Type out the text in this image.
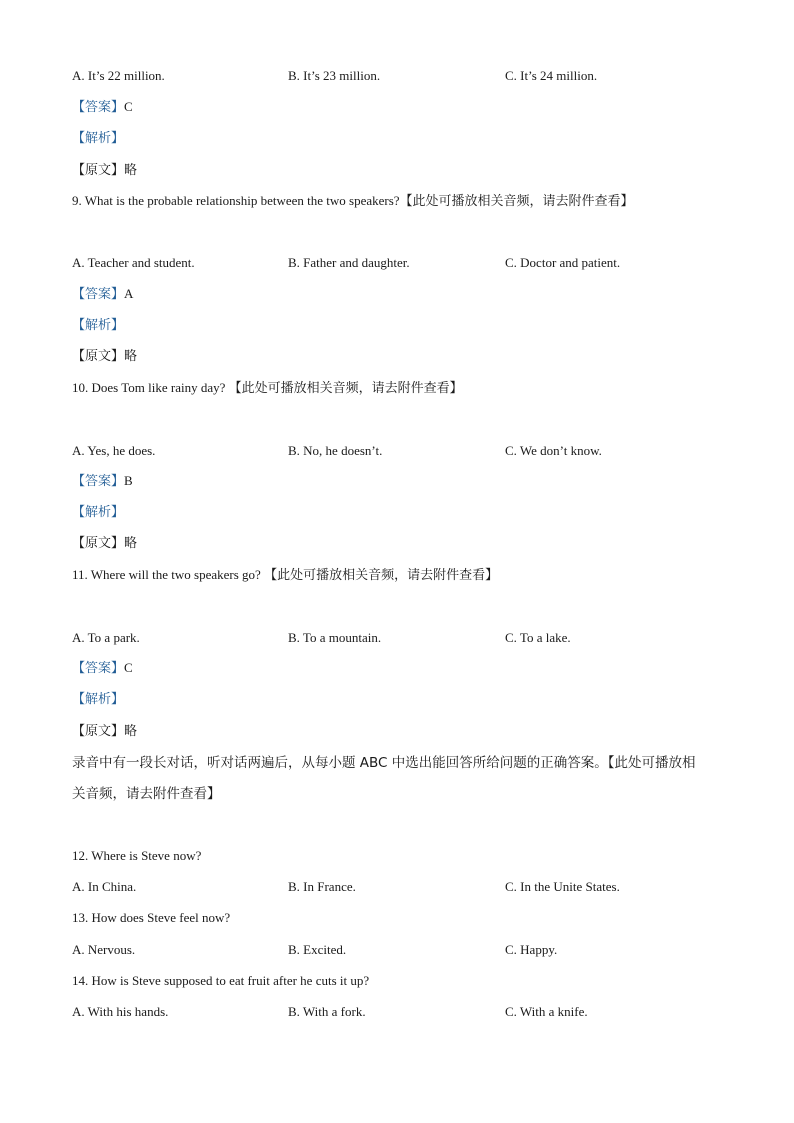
A. It’s 22 million.	B. It’s 23 million.	C. It’s 24 million.
【答案】C
【解析】
【原文】略
9. What is the probable relationship between the two speakers?【此处可播放相关音频，请去附件查看】
A. Teacher and student.	B. Father and daughter.	C. Doctor and patient.
【答案】A
【解析】
【原文】略
10. Does Tom like rainy day? 【此处可播放相关音频，请去附件查看】
A. Yes, he does.	B. No, he doesn’t.	C. We don’t know.
【答案】B
【解析】
【原文】略
11. Where will the two speakers go? 【此处可播放相关音频，请去附件查看】
A. To a park.	B. To a mountain.	C. To a lake.
【答案】C
【解析】
【原文】略
录音中有一段长对话，听对话两遍后，从每小题 ABC 中选出能回答所给问题的正确答案。【此处可播放相
关音频，请去附件查看】
12. Where is Steve now?
A. In China.	B. In France.	C. In the Unite States.
13. How does Steve feel now?
A. Nervous.	B. Excited.	C. Happy.
14. How is Steve supposed to eat fruit after he cuts it up?
A. With his hands.	B. With a fork.	C. With a knife.
